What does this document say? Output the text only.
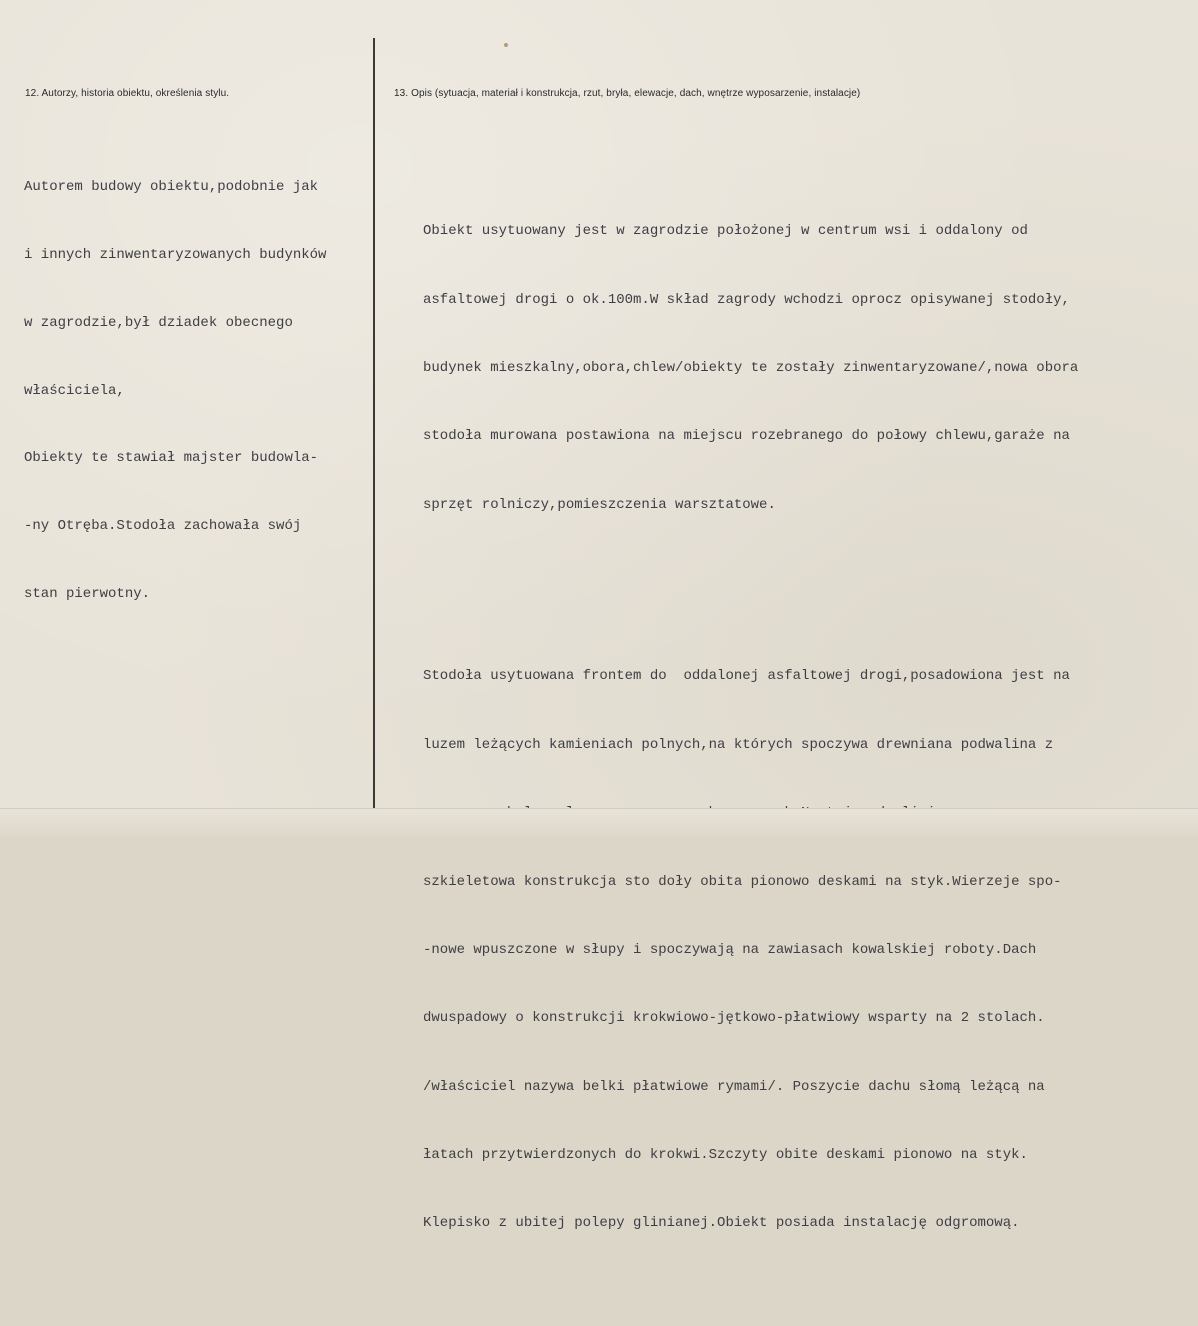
12. Autorzy, historia obiektu, określenia stylu.	13. Opis (sytuacja, materiał i konstrukcja, rzut, bryła, elewacje, dach, wnętrze wyposarzenie, instalacje)

Autorem budowy obiektu,podobnie jak

i innych zinwentaryzowanych budynków

w zagrodzie,był dziadek obecnego

właściciela,

Obiekty te stawiał majster budowla-

-ny Otręba.Stodoła zachowała swój

stan pierwotny.

Obiekt usytuowany jest w zagrodzie położonej w centrum wsi i oddalony od

asfaltowej drogi o ok.100m.W skład zagrody wchodzi oprocz opisywanej stodoły,

budynek mieszkalny,obora,chlew/obiekty te zostały zinwentaryzowane/,nowa obora

stodoła murowana postawiona na miejscu rozebranego do połowy chlewu,garaże na

sprzęt rolniczy,pomieszczenia warsztatowe.

Stodoła usytuowana frontem do  oddalonej asfaltowej drogi,posadowiona jest na

luzem leżących kamieniach polnych,na których spoczywa drewniana podwalina z

szkieletowa konstrukcja sto doły obita pionowo deskami na styk.Wierzeje spo-

-nowe wpuszczone w słupy i spoczywają na zawiasach kowalskiej roboty.Dach

dwuspadowy o konstrukcji krokwiowo-jętkowo-płatwiowy wsparty na 2 stolach.

/właściciel nazywa belki płatwiowe rymami/. Poszycie dachu słomą leżącą na

łatach przytwierdzonych do krokwi.Szczyty obite deskami pionowo na styk.

Klepisko z ubitej polepy glinianej.Obiekt posiada instalację odgromową.
